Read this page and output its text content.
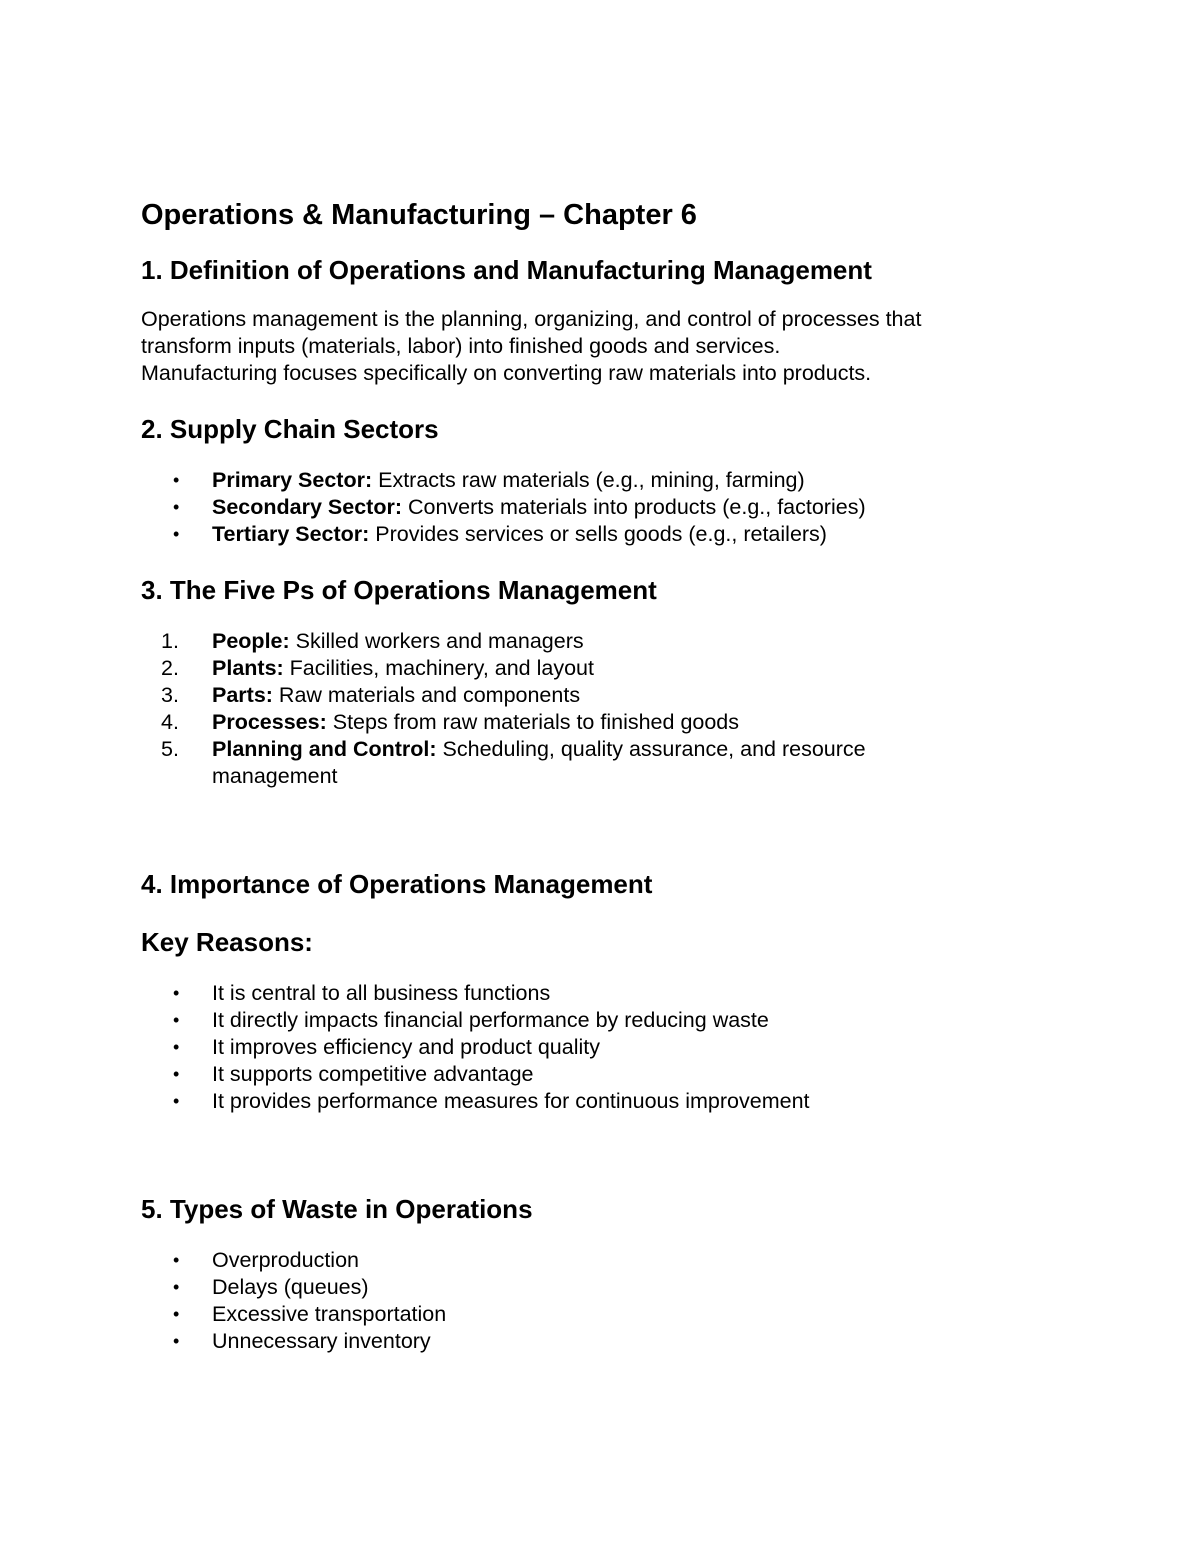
Operations & Manufacturing – Chapter 6
1. Definition of Operations and Manufacturing Management

Operations management is the planning, organizing, and control of processes that

transform inputs (materials, labor) into finished goods and services.

Manufacturing focuses specifically on converting raw materials into products.

2. Supply Chain Sectors
•	Primary Sector: Extracts raw materials (e.g., mining, farming)
•	Secondary Sector: Converts materials into products (e.g., factories)
•	Tertiary Sector: Provides services or sells goods (e.g., retailers)
3. The Five Ps of Operations Management
1.	People: Skilled workers and managers
2.	Plants: Facilities, machinery, and layout
3.	Parts: Raw materials and components
4.	Processes: Steps from raw materials to finished goods
5.	Planning and Control: Scheduling, quality assurance, and resource management
4. Importance of Operations Management
Key Reasons:
•	It is central to all business functions
•	It directly impacts financial performance by reducing waste
•	It improves efficiency and product quality
•	It supports competitive advantage
•	It provides performance measures for continuous improvement
5. Types of Waste in Operations
•	Overproduction
•	Delays (queues)
•	Excessive transportation
•	Unnecessary inventory
